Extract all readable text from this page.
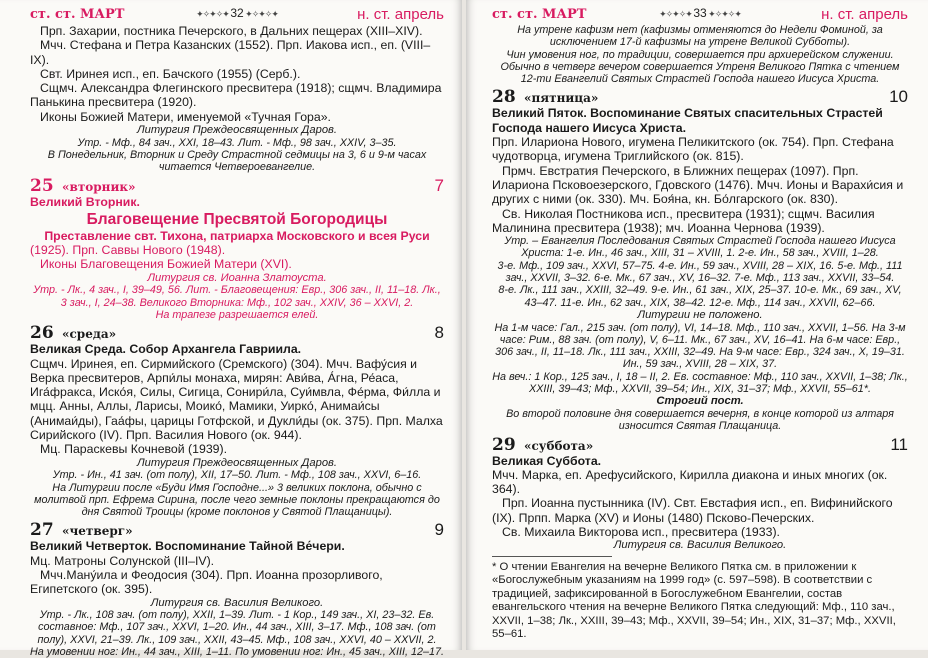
ст. ст. МАРТ	✦✧✦✧✦ 32 ✦✧✦✧✦	н. ст. апрель

Прп. Захарии, постника Печерского, в Дальних пещерах (XIII–XIV).

Мчч. Стефана и Петра Казанских (1552). Прп. Иакова исп., еп. (VIII–IX).

Свт. Иринея исп., еп. Бачского (1955) (Серб.).

Сщмч. Александра Флегинского пресвитера (1918); сщмч. Владимира Панькина пресвитера (1920).

Иконы Божией Матери, именуемой «Тучная Гора».

Литургия Преждеосвященных Даров.

Утр. - Мф., 84 зач., XXI, 18–43. Лит. - Мф., 98 зач., XXIV, 3–35.

В Понедельник, Вторник и Среду Страстной седмицы на 3, 6 и 9-м часах читается Четвероевангелие.

25 «вторник»	7

Великий Вторник.

Благовещение Пресвятой Богородицы

Преставление свт. Тихона, патриарха Московского и всея Руси

(1925). Прп. Саввы Нового (1948).

Иконы Благовещения Божией Матери (XVI).

Литургия св. Иоанна Златоуста.

Утр. - Лк., 4 зач., I, 39–49, 56. Лит. - Благовещения: Евр., 306 зач., II, 11–18. Лк., 3 зач., I, 24–38. Великого Вторника: Мф., 102 зач., XXIV, 36 – XXVI, 2.

На трапезе разрешается елей.

26 «среда»	8

Великая Среда. Собор Архангела Гавриила.

Сщмч. Иринея, еп. Сирмийского (Сремского) (304). Мчч. Вафу́сия и Верка пресвитеров, Арпи́лы монаха, мирян: Ави́ва, А́гна, Ре́аса, Ига́фракса, Иско́я, Силы, Сигица, Сонири́ла, Суи́мвла, Фе́рма, Фи́лла и мцц. Анны, Аллы, Ларисы, Моико́, Мамики, Уирко́, Анимаи́сы (Анимаи́ды), Гаа́фы, царицы Готфской, и Дукли́ды (ок. 375). Прп. Малха Сирийского (IV). Прп. Василия Нового (ок. 944).

Мц. Параскевы Кочневой (1939).

Литургия Преждеосвященных Даров.

Утр. - Ин., 41 зач. (от полу), XII, 17–50. Лит. - Мф., 108 зач., XXVI, 6–16.

На Литургии после «Буди Имя Господне...» 3 великих поклона, обычно с молитвой прп. Ефрема Сирина, после чего земные поклоны прекращаются до дня Святой Троицы (кроме поклонов у Святой Плащаницы).

27 «четверг»	9

Великий Четверток. Воспоминание Тайной Ве́чери.

Мц. Матроны Солунской (III–IV).

Мчч.Ману́ила и Феодосия (304). Прп. Иоанна прозорливого, Египетского (ок. 395).

Литургия св. Василия Великого.

Утр. - Лк., 108 зач. (от полу), XXII, 1–39. Лит. - 1 Кор., 149 зач., XI, 23–32. Ев. составное: Мф., 107 зач., XXVI, 1–20. Ин., 44 зач., XIII, 3–17. Мф., 108 зач. (от полу), XXVI, 21–39. Лк., 109 зач., XXII, 43–45. Мф., 108 зач., XXVI, 40 – XXVII, 2.

На умовении ног: Ин., 44 зач., XIII, 1–11. По умовении ног: Ин., 45 зач., XIII, 12–17.

ст. ст. МАРТ	✦✧✦✧✦ 33 ✦✧✦✧✦	н. ст. апрель

На утрене кафизм нет (кафизмы отменяются до Недели Фоминой, за исключением 17-й кафизмы на утрене Великой Субботы).

Чин умовения ног, по традиции, совершается при архиерейском служении.

Обычно в четверг вечером совершается Утреня Великого Пятка с чтением 12-ти Евангелий Святых Страстей Господа нашего Иисуса Христа.

28 «пятница»	10

Великий Пяток. Воспоминание Святых спасительных Страстей Господа нашего Иисуса Христа.

Прп. Илариона Нового, игумена Пеликитского (ок. 754). Прп. Стефана чудотворца, игумена Триглийского (ок. 815).

Прмч. Евстратия Печерского, в Ближних пещерах (1097). Прп. Илариона Псковоезерского, Гдовского (1476). Мчч. Ионы и Варахи́сия и других с ними (ок. 330). Мч. Боя́на, кн. Бо́лгарского (ок. 830).

Св. Николая Постникова исп., пресвитера (1931); сщмч. Василия Малинина пресвитера (1938); мч. Иоанна Чернова (1939).

Утр. – Евангелия Последования Святых Страстей Господа нашего Иисуса Христа: 1-е. Ин., 46 зач., XIII, 31 – XVIII, 1. 2-е. Ин., 58 зач., XVIII, 1–28.

3-е. Мф., 109 зач., XXVI, 57–75. 4-е. Ин., 59 зач., XVIII, 28 – XIX, 16. 5-е. Мф., 111 зач., XXVII, 3–32. 6-е. Мк., 67 зач., XV, 16–32. 7-е. Мф., 113 зач., XXVII, 33–54.

8-е. Лк., 111 зач., XXIII, 32–49. 9-е. Ин., 61 зач., XIX, 25–37. 10-е. Мк., 69 зач., XV, 43–47. 11-е. Ин., 62 зач., XIX, 38–42. 12-е. Мф., 114 зач., XXVII, 62–66.

Литургии не положено.

На 1-м часе: Гал., 215 зач. (от полу), VI, 14–18. Мф., 110 зач., XXVII, 1–56. На 3-м часе: Рим., 88 зач. (от полу), V, 6–11. Мк., 67 зач., XV, 16–41. На 6-м часе: Евр., 306 зач., II, 11–18. Лк., 111 зач., XXIII, 32–49. На 9-м часе: Евр., 324 зач., X, 19–31. Ин., 59 зач., XVIII, 28 – XIX, 37.

На веч.: 1 Кор., 125 зач., I, 18 – II, 2. Ев. составное: Мф., 110 зач., XXVII, 1–38; Лк., XXIII, 39–43; Мф., XXVII, 39–54; Ин., XIX, 31–37; Мф., XXVII, 55–61*.

Строгий пост.

Во второй половине дня совершается вечерня, в конце которой из алтаря износится Святая Плащаница.

29 «суббота»	11

Великая Суббота.

Мчч. Марка, еп. Арефусийского, Кирилла диакона и иных многих (ок. 364).

Прп. Иоанна пустынника (IV). Свт. Евстафия исп., еп. Вифинийского (IX). Прпп. Марка (XV) и Ионы (1480) Псково-Печерских.

Св. Михаила Викторова исп., пресвитера (1933).

Литургия св. Василия Великого.

* О чтении Евангелия на вечерне Великого Пятка см. в приложении к «Богослужебным указаниям на 1999 год» (с. 597–598). В соответствии с традицией, зафиксированной в Богослужебном Евангелии, состав евангельского чтения на вечерне Великого Пятка следующий: Мф., 110 зач., XXVII, 1–38; Лк., XXIII, 39–43; Мф., XXVII, 39–54; Ин., XIX, 31–37; Мф., XXVII, 55–61.
